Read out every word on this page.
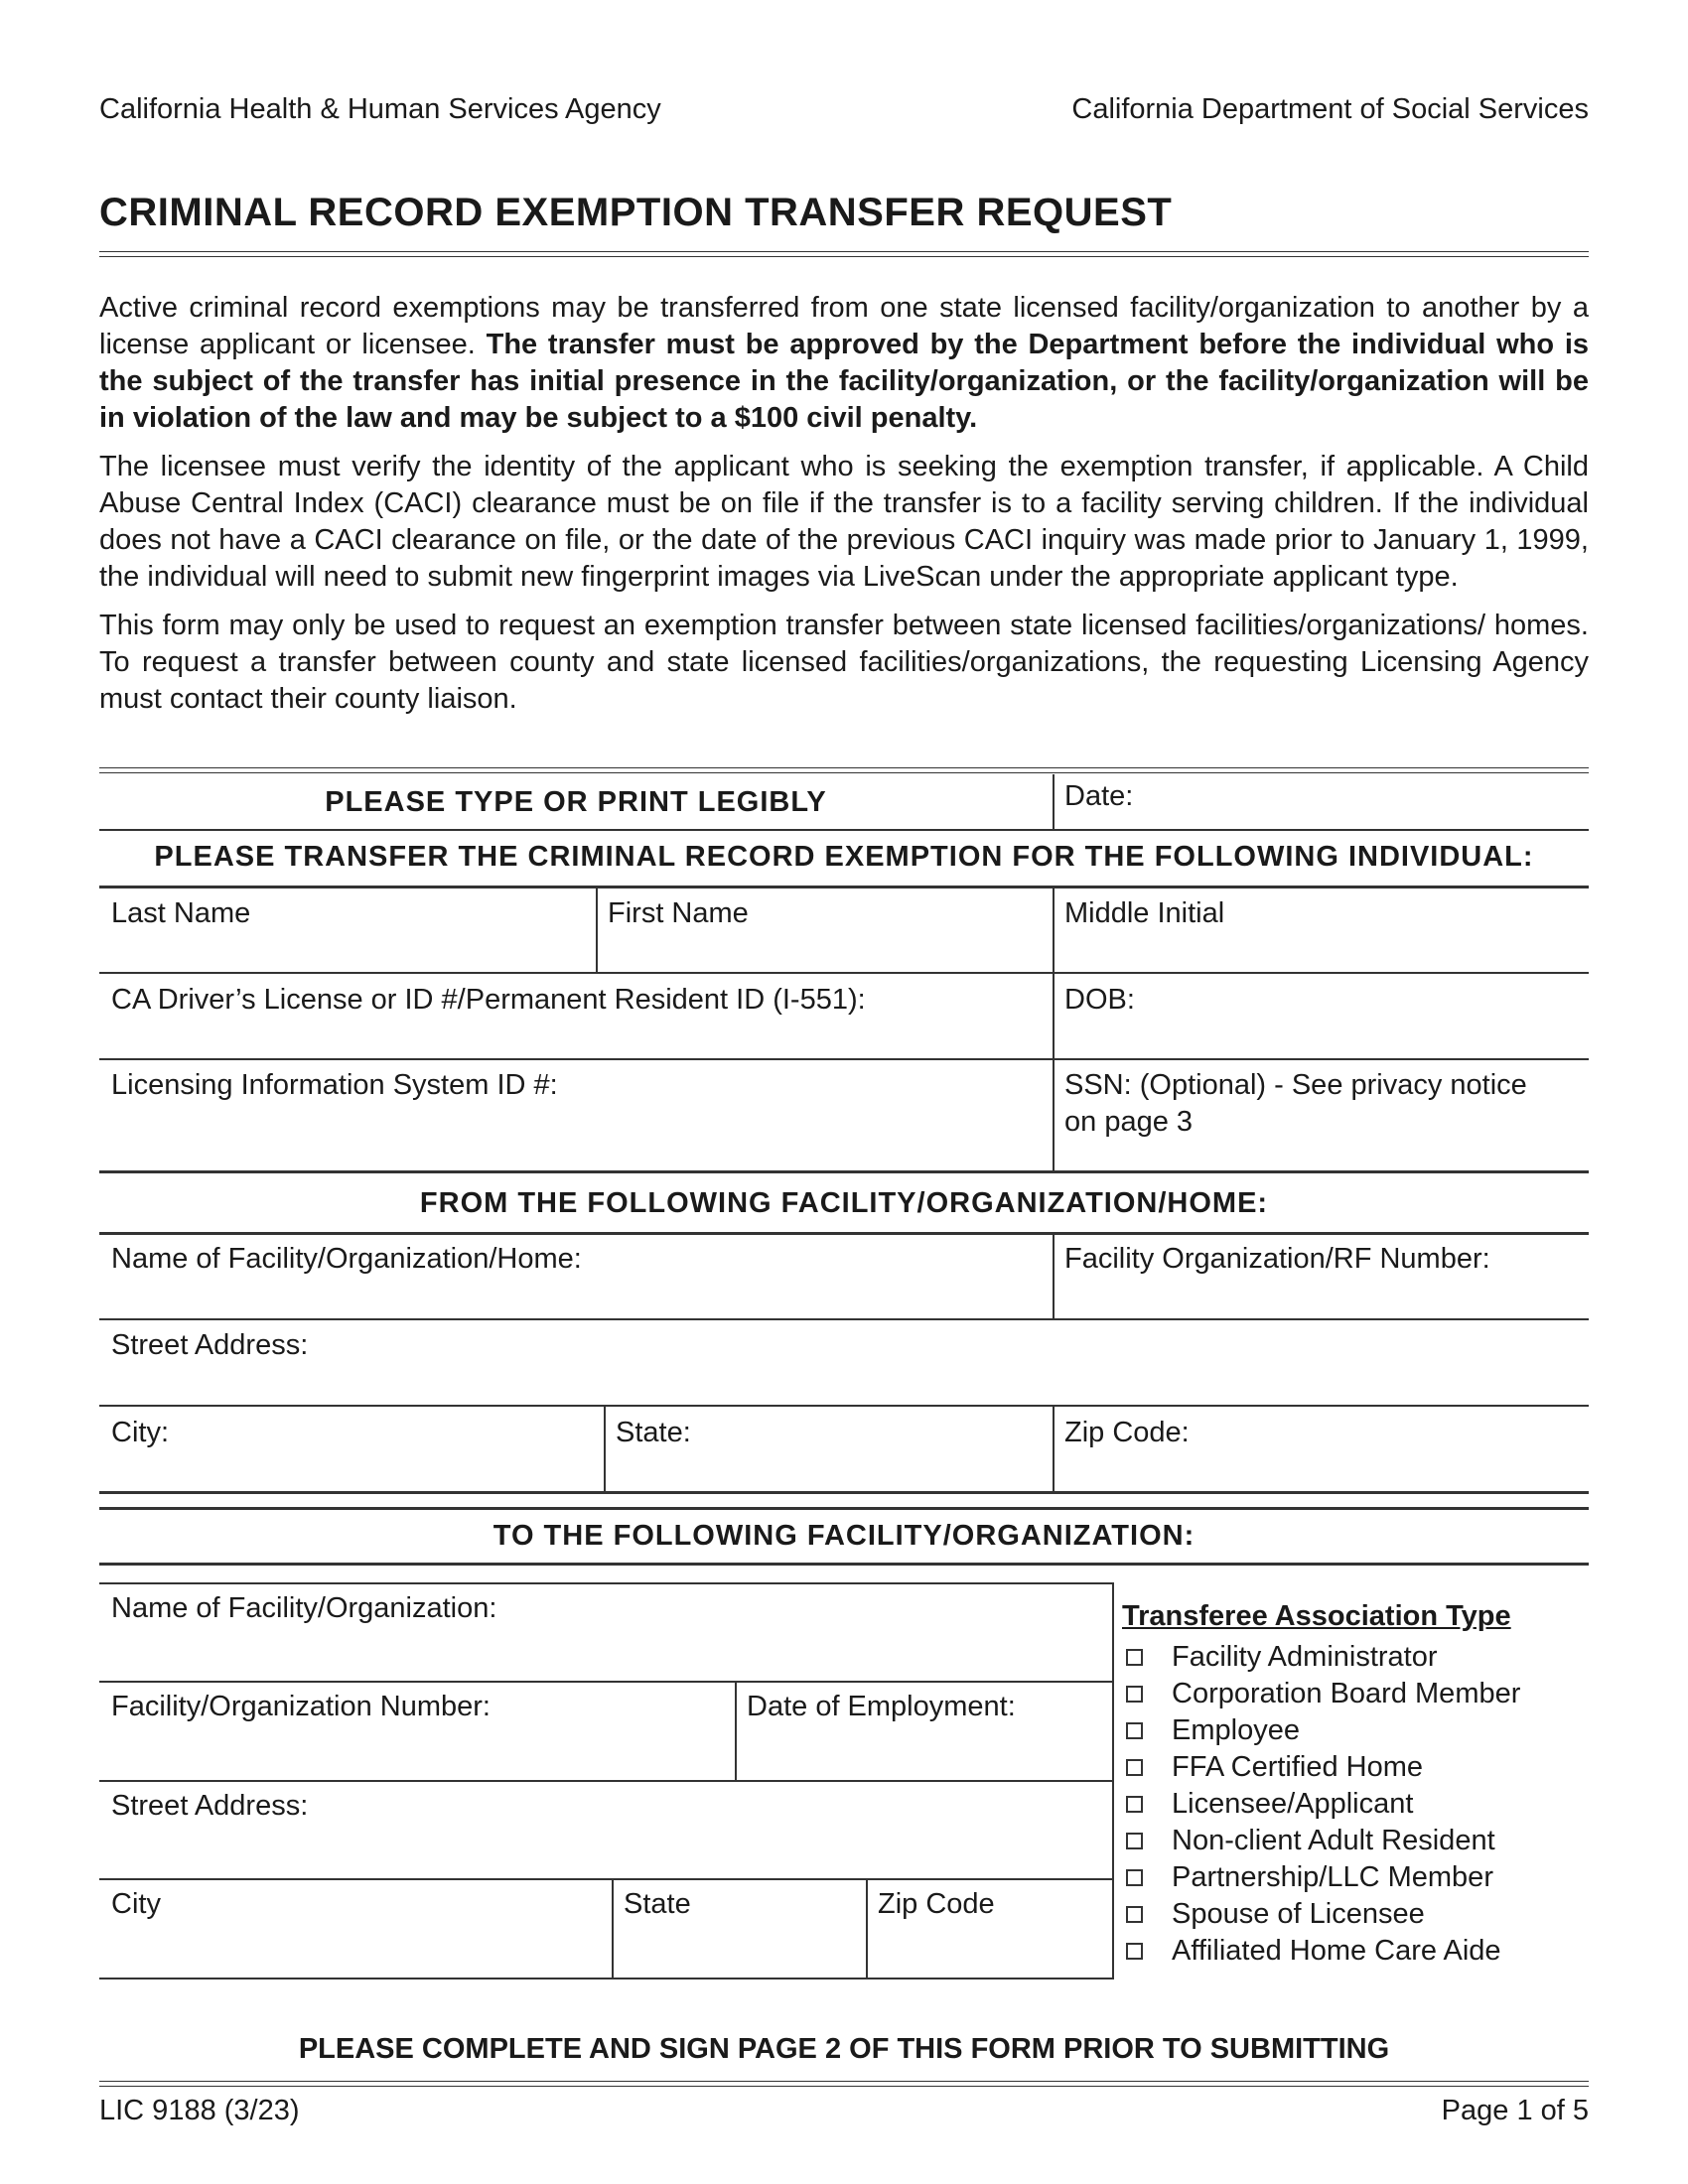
California Health & Human Services Agency	California Department of Social Services
CRIMINAL RECORD EXEMPTION TRANSFER REQUEST

Active criminal record exemptions may be transferred from one state licensed facility/organization to another by a license applicant or licensee. The transfer must be approved by the Department before the individual who is the subject of the transfer has initial presence in the facility/organization, or the facility/organization will be in violation of the law and may be subject to a $100 civil penalty.

The licensee must verify the identity of the applicant who is seeking the exemption transfer, if applicable. A Child Abuse Central Index (CACI) clearance must be on file if the transfer is to a facility serving children. If the individual does not have a CACI clearance on file, or the date of the previous CACI inquiry was made prior to January 1, 1999, the individual will need to submit new fingerprint images via LiveScan under the appropriate applicant type.

This form may only be used to request an exemption transfer between state licensed facilities/organizations/ homes. To request a transfer between county and state licensed facilities/organizations, the requesting Licensing Agency must contact their county liaison.

PLEASE TYPE OR PRINT LEGIBLY	Date:
PLEASE TRANSFER THE CRIMINAL RECORD EXEMPTION FOR THE FOLLOWING INDIVIDUAL:
Last Name	First Name	Middle Initial
CA Driver’s License or ID #/Permanent Resident ID (I-551):	DOB:
Licensing Information System ID #:	SSN: (Optional) - See privacy notice
on page 3
FROM THE FOLLOWING FACILITY/ORGANIZATION/HOME:
Name of Facility/Organization/Home:	Facility Organization/RF Number:
Street Address:
City:	State:	Zip Code:
TO THE FOLLOWING FACILITY/ORGANIZATION:
Name of Facility/Organization:
Facility/Organization Number:	Date of Employment:
Street Address:
City	State	Zip Code
Transferee Association Type
Facility Administrator
Corporation Board Member
Employee
FFA Certified Home
Licensee/Applicant
Non-client Adult Resident
Partnership/LLC Member
Spouse of Licensee
Affiliated Home Care Aide
PLEASE COMPLETE AND SIGN PAGE 2 OF THIS FORM PRIOR TO SUBMITTING
LIC 9188 (3/23)	Page 1 of 5
